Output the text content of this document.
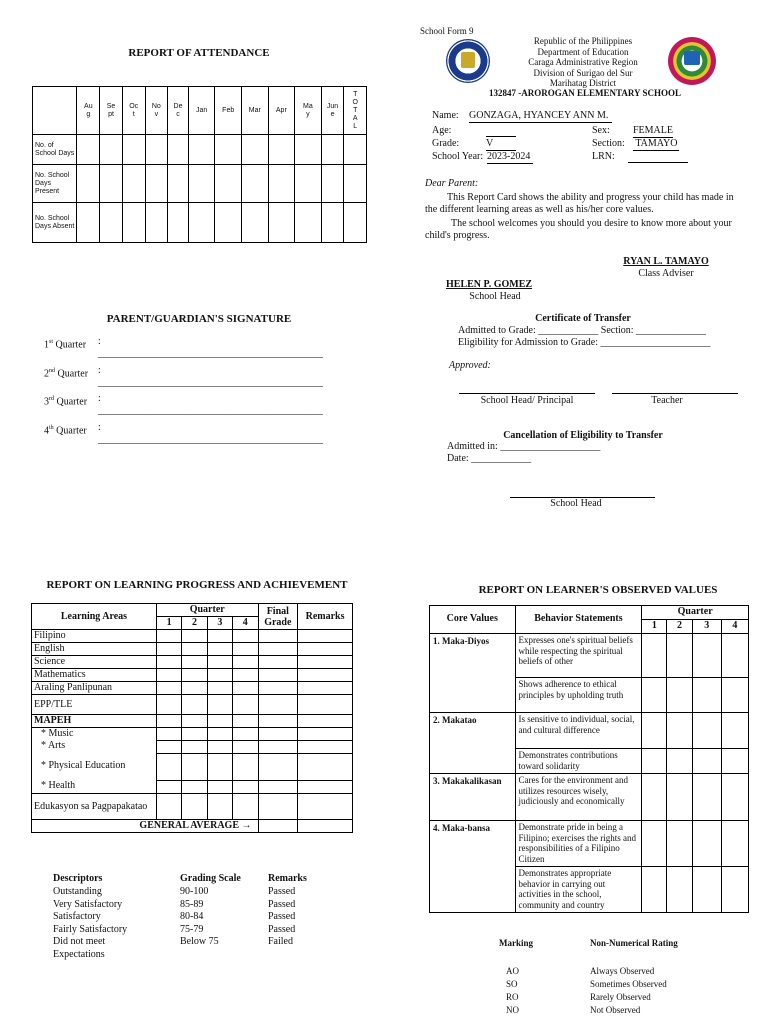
REPORT OF ATTENDANCE
	Aug	Sept	Oct	Nov	Dec	Jan	Feb	Mar	Apr	May	June	TOTAL
No. of School Days												
No. School Days Present												
No. School Days Absent												
PARENT/GUARDIAN'S SIGNATURE
1st Quarter : _____________________________________________
2nd Quarter : _____________________________________________
3rd Quarter : _____________________________________________
4th Quarter : _____________________________________________
School Form 9
Republic of the Philippines
Department of Education
Caraga Administrative Region
Division of Surigao del Sur
Marihatag District
132847 -AROROGAN ELEMENTARY SCHOOL
Name: GONZAGA, HYANCEY ANN M.
Age:	Sex: FEMALE
Grade:	V	Section: TAMAYO
School Year: 2023-2024	LRN:
Dear Parent:
This Report Card shows the ability and progress your child has made in the different learning areas as well as his/her core values.
The school welcomes you should you desire to know more about your child's progress.
RYAN L. TAMAYO
Class Adviser
HELEN P. GOMEZ
School Head
Certificate of Transfer
Admitted to Grade: ____________ Section: ______________
Eligibility for Admission to Grade: ______________________
Approved:
School Head/ Principal	Teacher
Cancellation of Eligibility to Transfer
Admitted in: ____________________
Date: ____________
School Head
REPORT ON LEARNING PROGRESS AND ACHIEVEMENT
Learning Areas	Quarter				Final Grade	Remarks
	1	2	3	4		
Filipino						
English						
Science						
Mathematics						
Araling Panlipunan						
EPP/TLE						
MAPEH						

* Music
* Arts
* Physical Education
* Health						

Edukasyon sa Pagpapakatao						
GENERAL AVERAGE →						
Descriptors	Grading Scale	Remarks
Outstanding	90-100	Passed
Very Satisfactory	85-89	Passed
Satisfactory	80-84	Passed
Fairly Satisfactory	75-79	Passed
Did not meet	Below 75	Failed
Expectations
REPORT ON LEARNER'S OBSERVED VALUES
Core Values	Behavior Statements	Quarter			
		1	2	3	4
1. Maka-Diyos	Expresses one's spiritual beliefs while respecting the spiritual beliefs of other				
	Shows adherence to ethical principles by upholding truth				
2. Makatao	Is sensitive to individual, social, and cultural difference				
	Demonstrates contributions toward solidarity				
3. Makakalikasan	Cares for the environment and utilizes resources wisely, judiciously and economically				
4. Maka-bansa	Demonstrate pride in being a Filipino; exercises the rights and responsibilities of a Filipino Citizen				
	Demonstrates appropriate behavior in carrying out activities in the school, community and country				
Marking	Non-Numerical Rating
AO	Always Observed
SO	Sometimes Observed
RO	Rarely Observed
NO	Not Observed
